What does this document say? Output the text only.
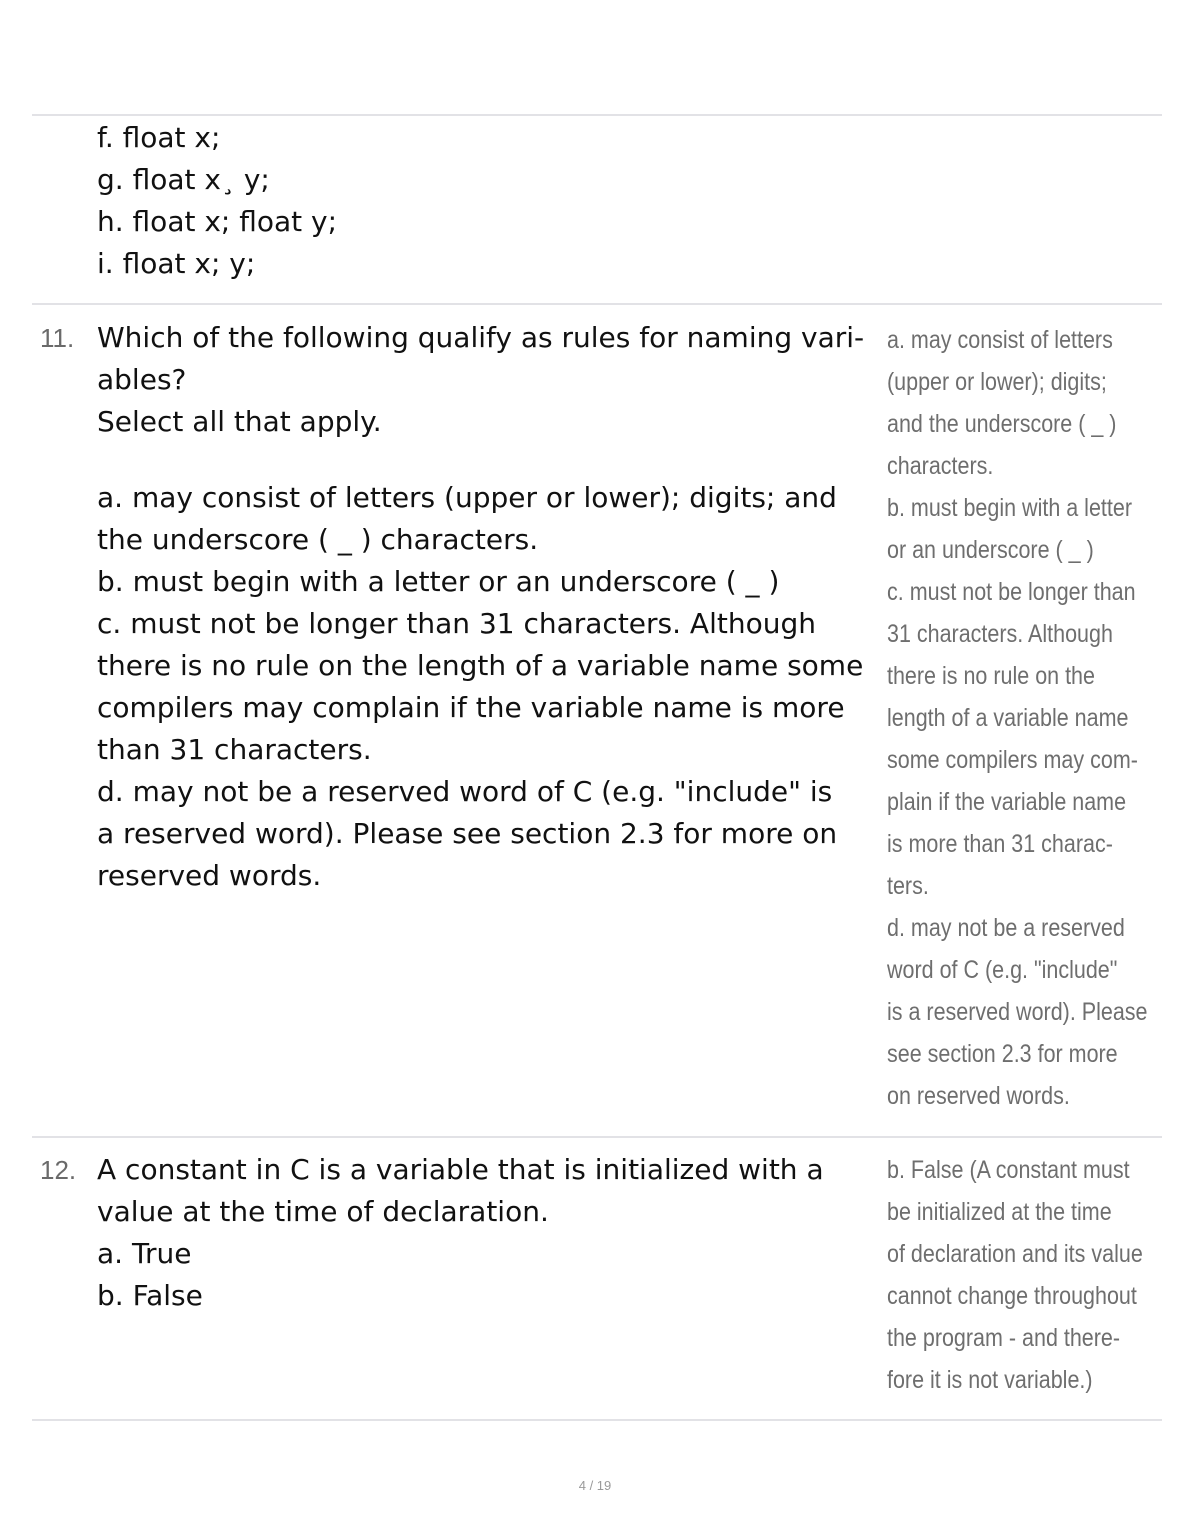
f. float x;
g. float x¸ y;
h. float x; float y;
i. float x; y;
11. Which of the following qualify as rules for naming vari-
ables?
Select all that apply.
a. may consist of letters (upper or lower); digits; and
the underscore ( _ ) characters.
b. must begin with a letter or an underscore ( _ )
c. must not be longer than 31 characters. Although
there is no rule on the length of a variable name some
compilers may complain if the variable name is more
than 31 characters.
d. may not be a reserved word of C (e.g. "include" is
a reserved word). Please see section 2.3 for more on
reserved words.
a. may consist of letters
(upper or lower); digits;
and the underscore ( _ )
characters.
b. must begin with a letter
or an underscore ( _ )
c. must not be longer than
31 characters. Although
there is no rule on the
length of a variable name
some compilers may com-
plain if the variable name
is more than 31 charac-
ters.
d. may not be a reserved
word of C (e.g. "include"
is a reserved word). Please
see section 2.3 for more
on reserved words.
12. A constant in C is a variable that is initialized with a
value at the time of declaration.
a. True
b. False
b. False (A constant must
be initialized at the time
of declaration and its value
cannot change throughout
the program - and there-
fore it is not variable.)
4 / 19
